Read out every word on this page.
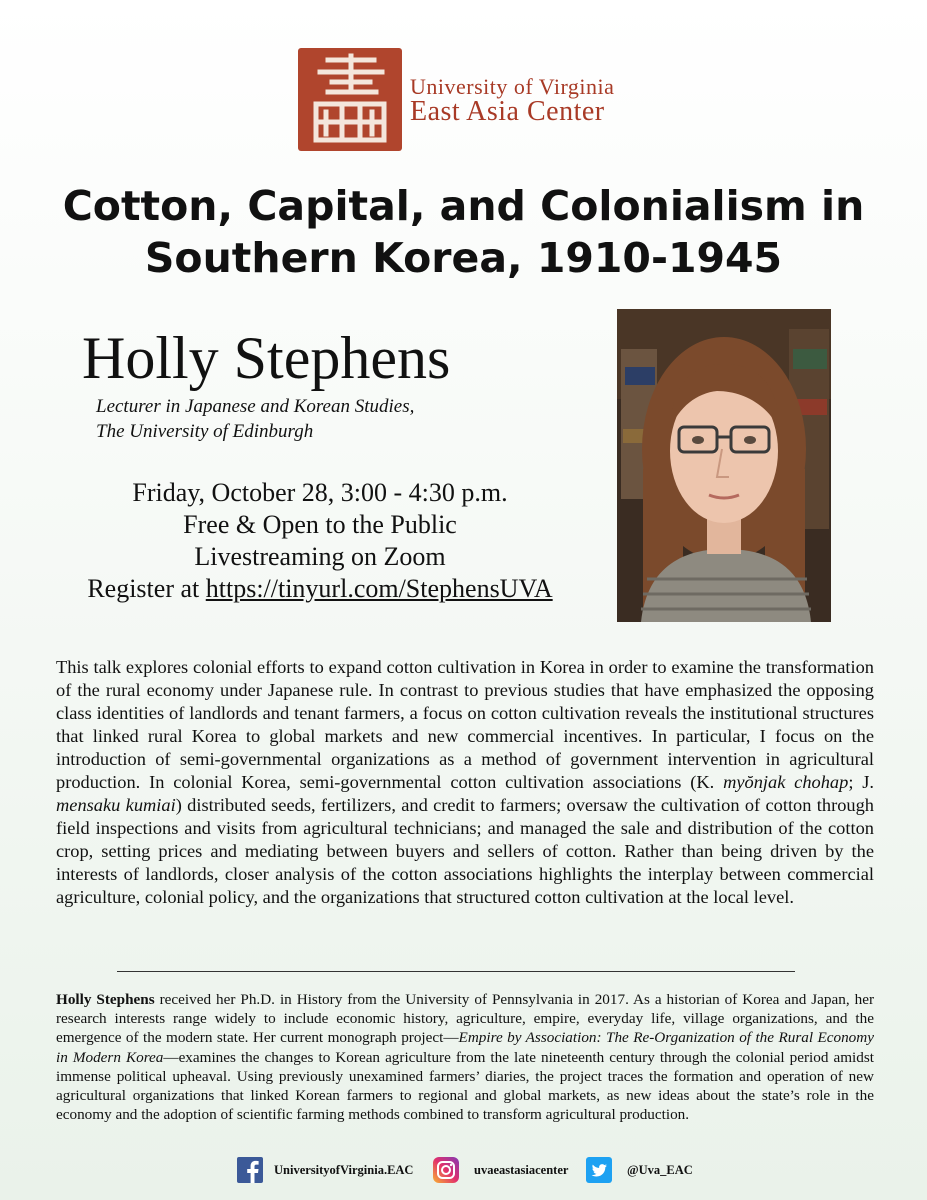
University of Virginia
East Asia Center
Cotton, Capital, and Colonialism in
Southern Korea, 1910-1945
Holly Stephens
Lecturer in Japanese and Korean Studies,
The University of Edinburgh
Friday, October 28, 3:00 - 4:30 p.m.
Free & Open to the Public
Livestreaming on Zoom
Register at https://tinyurl.com/StephensUVA
This talk explores colonial efforts to expand cotton cultivation in Korea in order to examine the transformation of the rural economy under Japanese rule. In contrast to previous studies that have emphasized the opposing class identities of landlords and tenant farmers, a focus on cotton cultivation reveals the institutional structures that linked rural Korea to global markets and new commercial incentives. In particular, I focus on the introduction of semi-governmental organizations as a method of government intervention in agricultural production. In colonial Korea, semi-governmental cotton cultivation associations (K. myŏnjak chohap; J. mensaku kumiai) distributed seeds, fertilizers, and credit to farmers; oversaw the cultivation of cotton through field inspections and visits from agricultural technicians; and managed the sale and distribution of the cotton crop, setting prices and mediating between buyers and sellers of cotton. Rather than being driven by the interests of landlords, closer analysis of the cotton associations highlights the interplay between commercial agriculture, colonial policy, and the organizations that structured cotton cultivation at the local level.
Holly Stephens received her Ph.D. in History from the University of Pennsylvania in 2017. As a historian of Korea and Japan, her research interests range widely to include economic history, agriculture, empire, everyday life, village organizations, and the emergence of the modern state. Her current monograph project—Empire by Association: The Re-Organization of the Rural Economy in Modern Korea—examines the changes to Korean agriculture from the late nineteenth century through the colonial period amidst immense political upheaval. Using previously unexamined farmers’ diaries, the project traces the formation and operation of new agricultural organizations that linked Korean farmers to regional and global markets, as new ideas about the state’s role in the economy and the adoption of scientific farming methods combined to transform agricultural production.
UniversityofVirginia.EAC	uvaeastasiacenter	@Uva_EAC
